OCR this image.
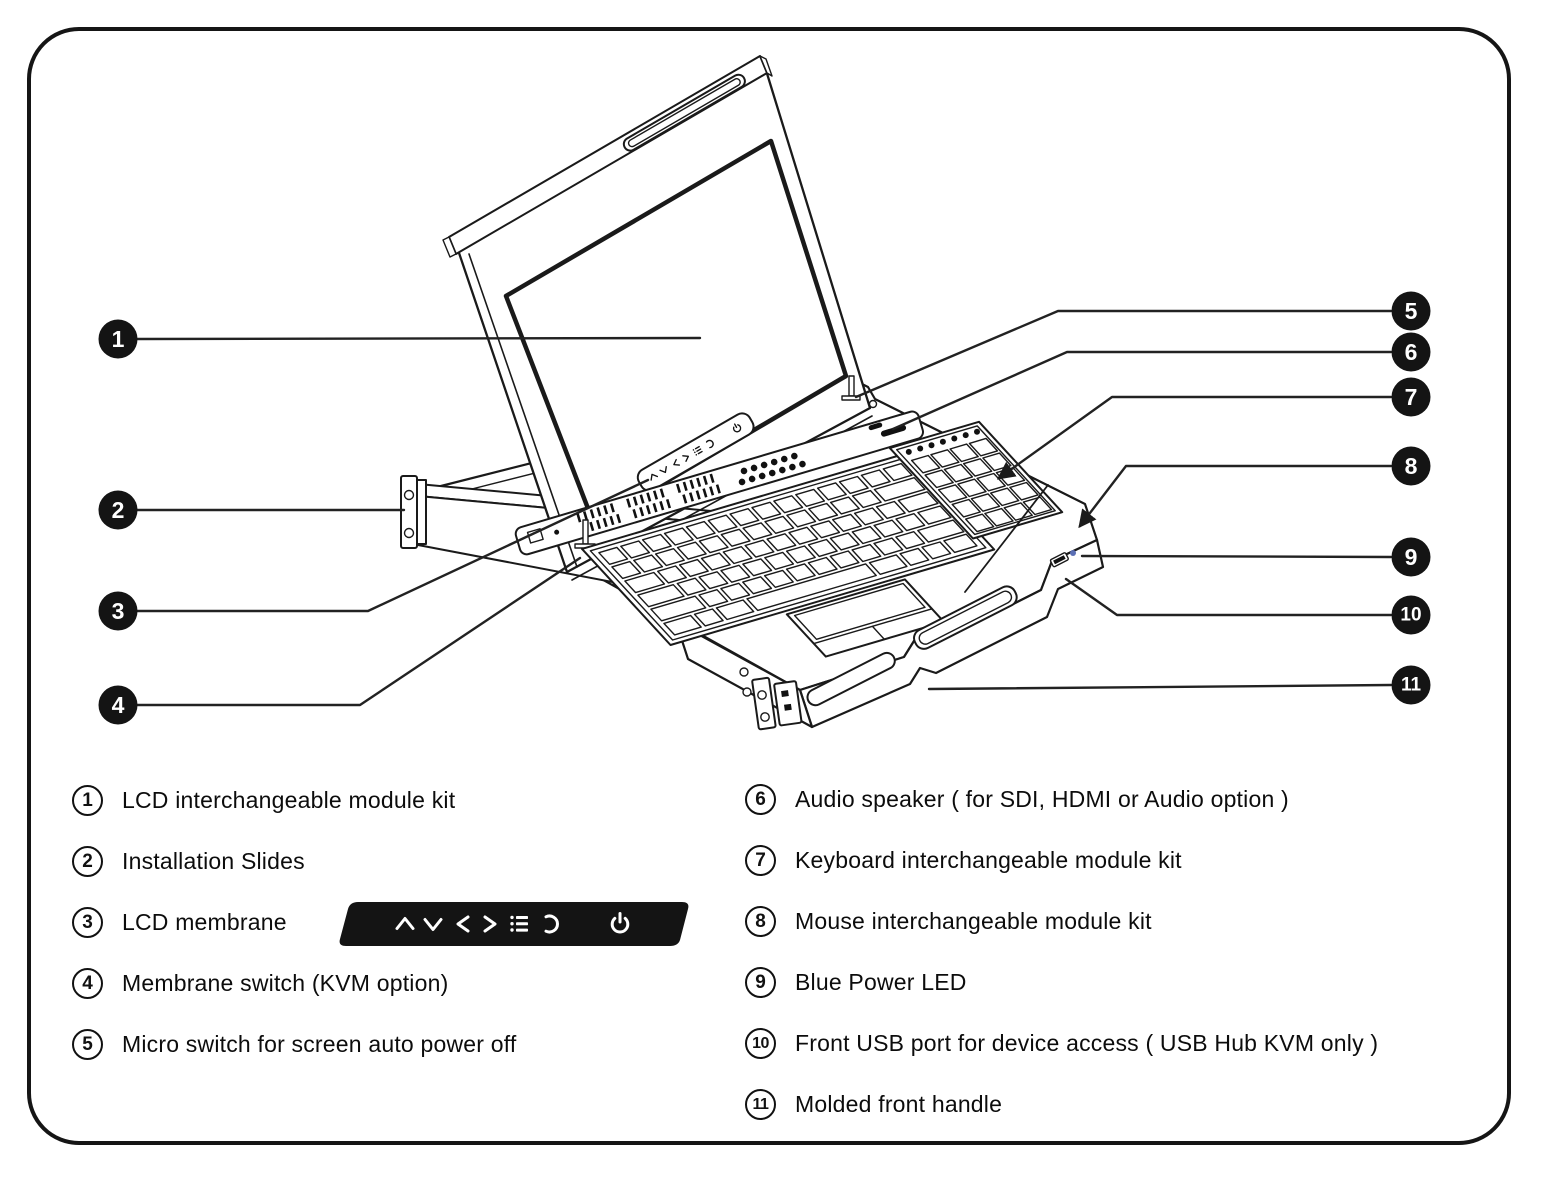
1
2
3
4
5
6
7
8
9
10
11
1	LCD interchangeable module kit
2	Installation Slides
3	LCD membrane
4	Membrane switch (KVM option)
5	Micro switch for screen auto power off
6	Audio speaker ( for SDI, HDMI or Audio option )
7	Keyboard interchangeable module kit
8	Mouse interchangeable module kit
9	Blue Power LED
10	Front USB port for device access ( USB Hub KVM only )
11	Molded front handle
